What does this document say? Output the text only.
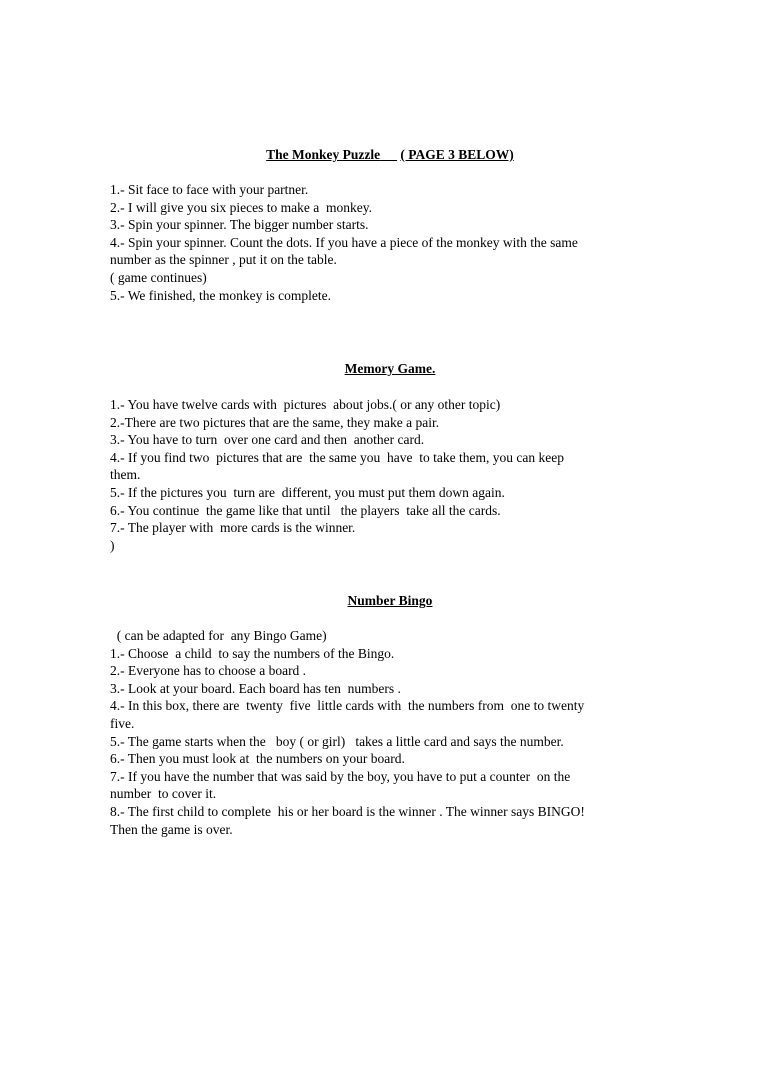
The Monkey Puzzle ( PAGE 3 BELOW)
1.- Sit face to face with your partner.
2.- I will give you six pieces to make a  monkey.
3.- Spin your spinner. The bigger number starts.
4.- Spin your spinner. Count the dots. If you have a piece of the monkey with the same
number as the spinner , put it on the table.
( game continues)
5.- We finished, the monkey is complete.
Memory Game.
1.- You have twelve cards with  pictures  about jobs.( or any other topic)
2.-There are two pictures that are the same, they make a pair.
3.- You have to turn  over one card and then  another card.
4.- If you find two  pictures that are  the same you  have  to take them, you can keep
them.
5.- If the pictures you  turn are  different, you must put them down again.
6.- You continue  the game like that until   the players  take all the cards.
7.- The player with  more cards is the winner.
)
Number Bingo
( can be adapted for  any Bingo Game)
1.- Choose  a child  to say the numbers of the Bingo.
2.- Everyone has to choose a board .
3.- Look at your board. Each board has ten  numbers .
4.- In this box, there are  twenty  five  little cards with  the numbers from  one to twenty
five.
5.- The game starts when the   boy ( or girl)   takes a little card and says the number.
6.- Then you must look at  the numbers on your board.
7.- If you have the number that was said by the boy, you have to put a counter  on the
number  to cover it.
8.- The first child to complete  his or her board is the winner . The winner says BINGO!
Then the game is over.
